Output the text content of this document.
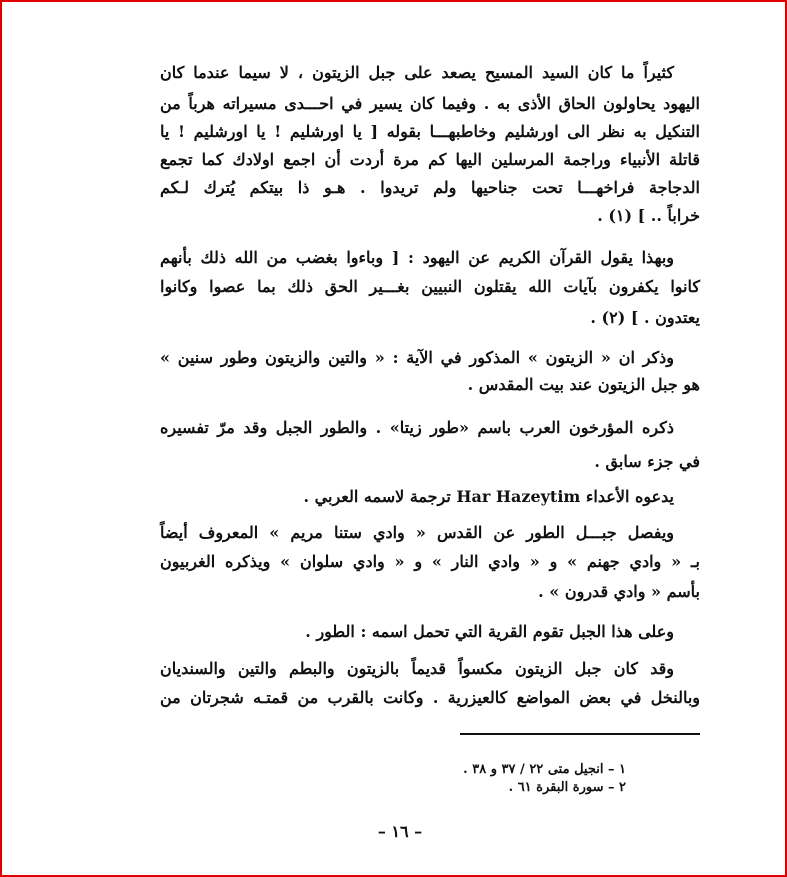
كثيراً ما كان السيد المسيح يصعد على جبل الزيتون ، لا سيما عندما كان
اليهود يحاولون الحاق الأذى به . وفيما كان يسير في احـــدى مسيراته هرباً من
التنكيل به نظر الى اورشليم وخاطبهـــا بقوله [ يا اورشليم ! يا اورشليم ! يا
قاتلة الأنبياء وراجمة المرسلين اليها كم مرة أردت أن اجمع اولادك كما تجمع
الدجاجة فراخهـــا تحت جناحيها ولم تريدوا . هـو ذا بيتكم يُترك لـكم
خراباً .. ] (١) .
وبهذا يقول القرآن الكريم عن اليهود : [ وباءوا بغضب من الله ذلك بأنهم
كانوا يكفرون بآيات الله يقتلون النبيين بغـــير الحق ذلك بما عصوا وكانوا
يعتدون . ] (٢) .
وذكر ان « الزيتون » المذكور في الآية : « والتين والزيتون وطور سنين »
هو جبل الزيتون عند بيت المقدس .
ذكره المؤرخون العرب باسم «طور زيتا» . والطور الجبل وقد مرّ تفسيره
في جزء سابق .
يدعوه الأعداء Har Hazeytim ترجمة لاسمه العربي .
ويفصل جبـــل الطور عن القدس « وادي ستنا مريم » المعروف أيضاً
بـ « وادي جهنم » و « وادي النار » و « وادي سلوان » ويذكره الغربيون
بأسم « وادي قدرون » .
وعلى هذا الجبل تقوم القرية التي تحمل اسمه : الطور .
وقد كان جبل الزيتون مكسواً قديماً بالزيتون والبطم والتين والسنديان
وبالنخل في بعض المواضع كالعيزرية . وكانت بالقرب من قمتـه شجرتان من
١ – انجيل متى ٢٢ / ٣٧ و ٣٨ .
٢ – سورة البقرة ٦١ .
– ١٦ –
